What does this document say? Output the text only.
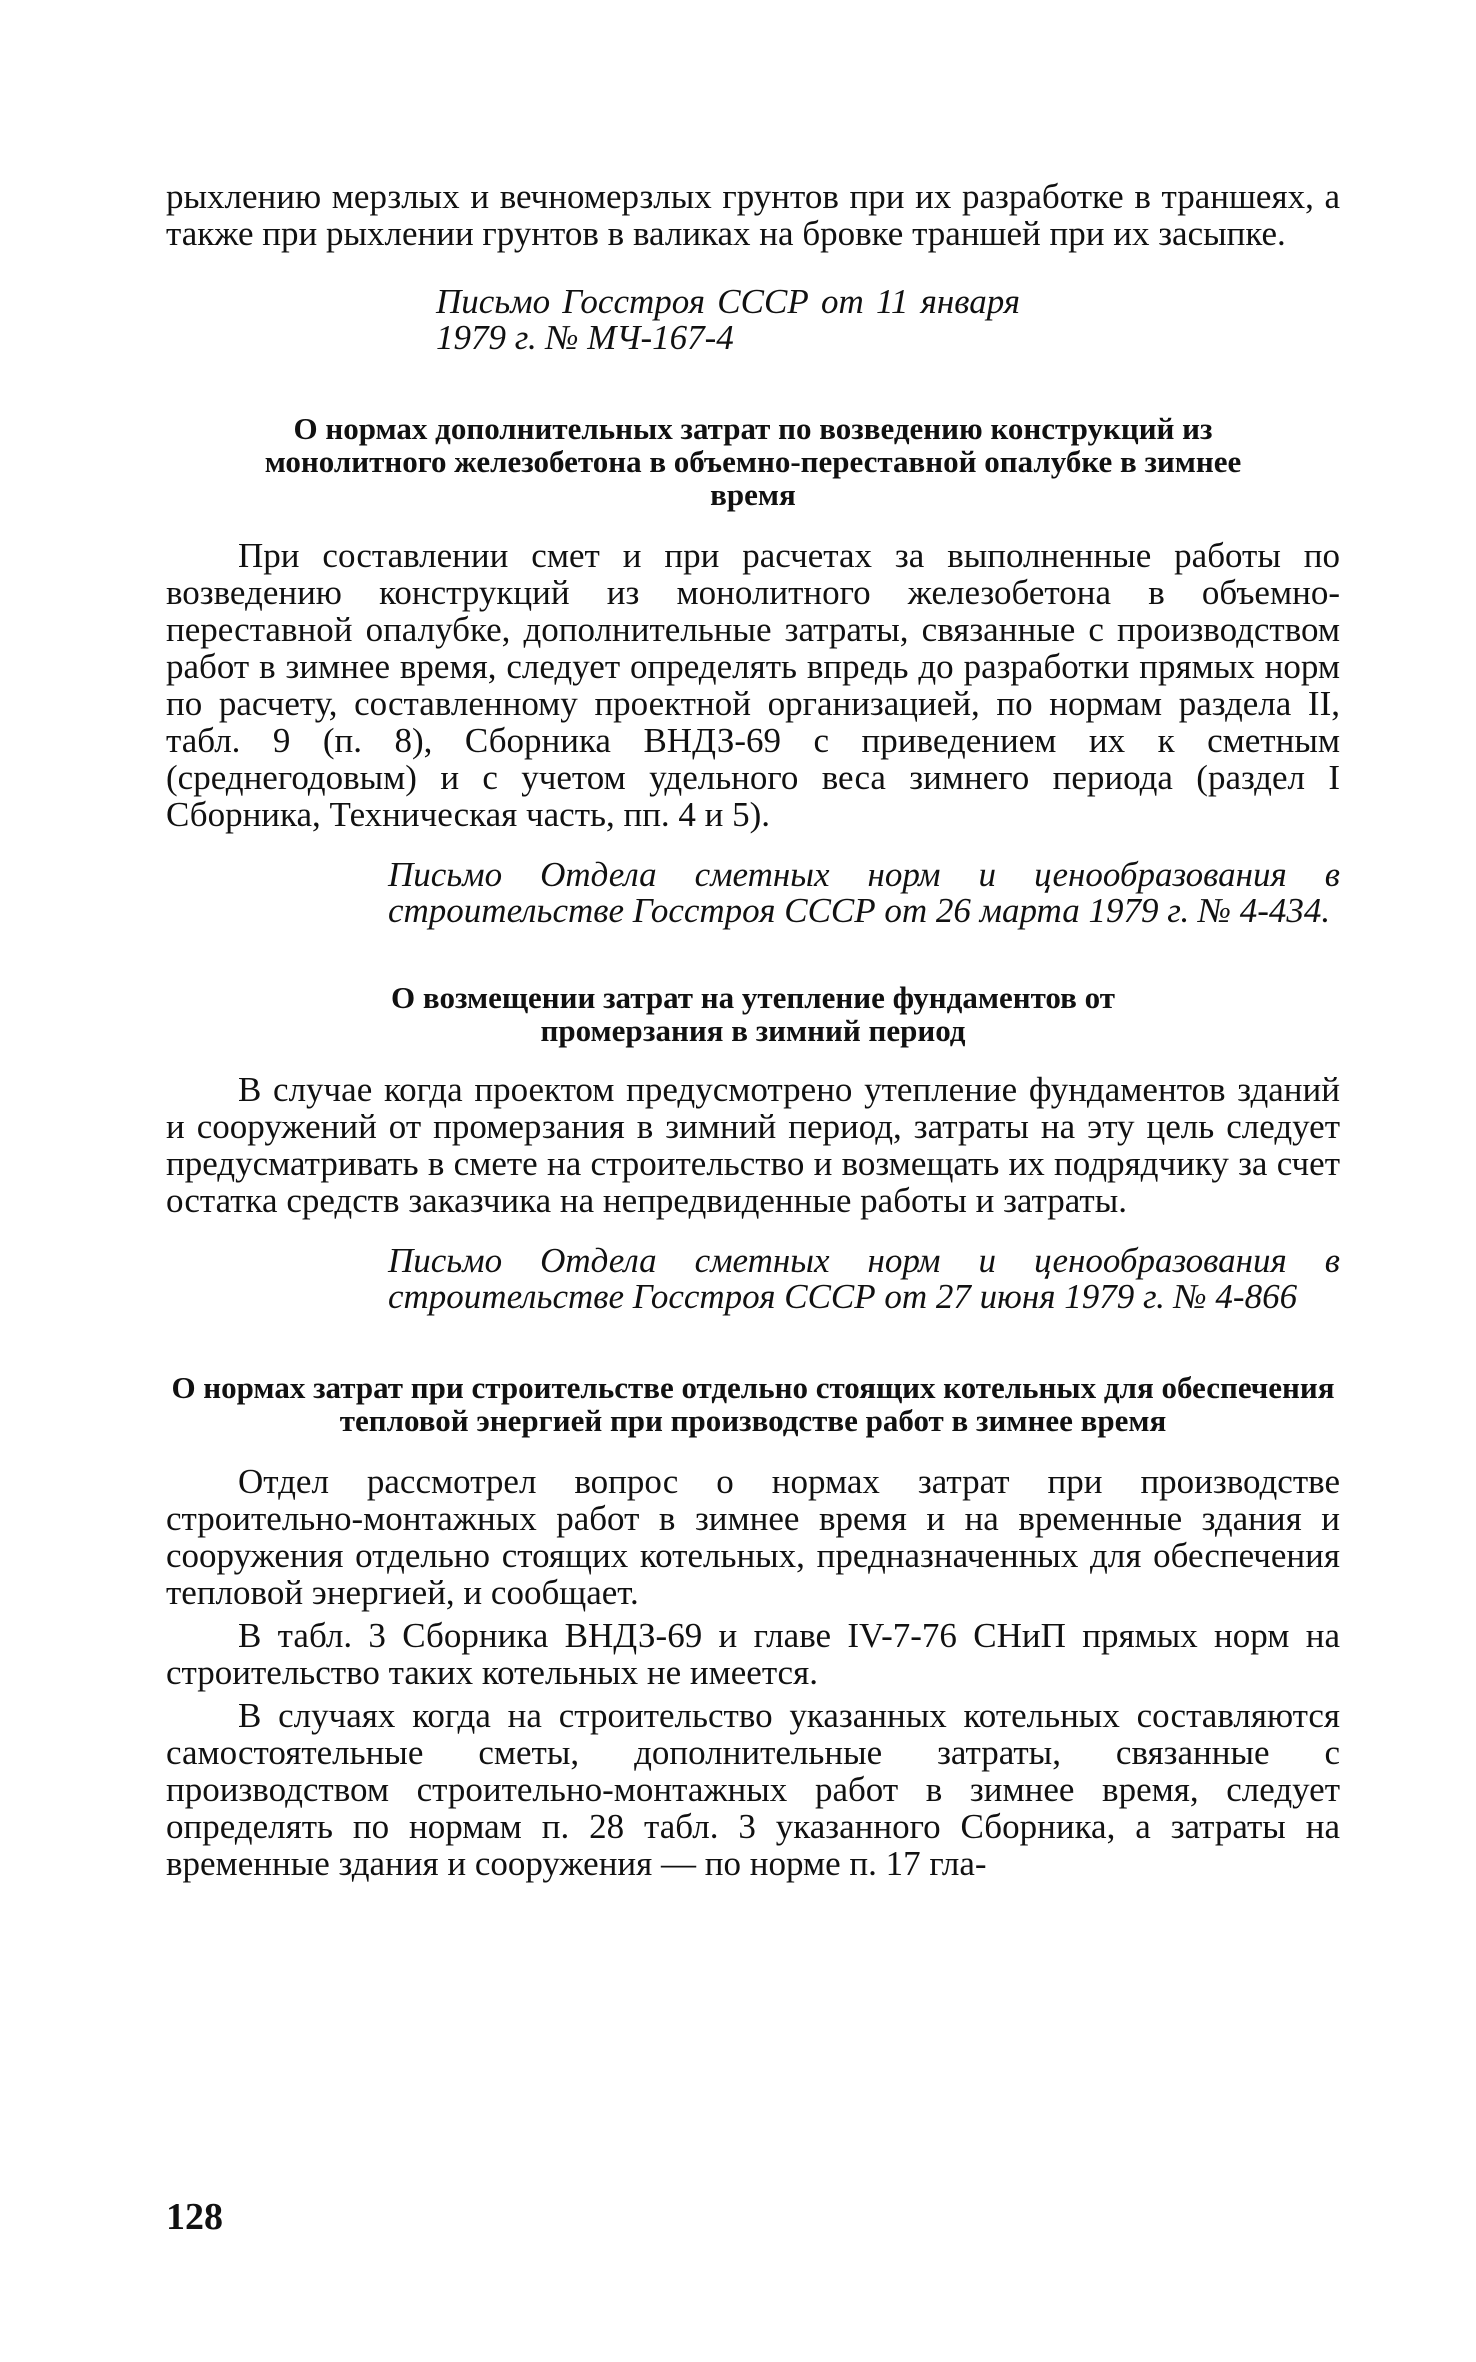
рыхлению мерзлых и вечномерзлых грунтов при их разработке в траншеях, а также при рыхлении грунтов в валиках на бровке траншей при их засыпке.

Письмо Госстроя СССР от 11 января 1979 г. № МЧ-167-4

О нормах дополнительных затрат по возведению конструкций из монолитного железобетона в объемно-переставной опалубке в зимнее время

При составлении смет и при расчетах за выполненные работы по возведению конструкций из монолитного железобетона в объемно-переставной опалубке, дополнительные затраты, связанные с производством работ в зимнее время, следует определять впредь до разработки прямых норм по расчету, составленному проектной организацией, по нормам раздела II, табл. 9 (п. 8), Сборника ВНДЗ-69 с приведением их к сметным (среднегодовым) и с учетом удельного веса зимнего периода (раздел I Сборника, Техническая часть, пп. 4 и 5).

Письмо Отдела сметных норм и ценообразования в строительстве Госстроя СССР от 26 марта 1979 г. № 4-434.

О возмещении затрат на утепление фундаментов от промерзания в зимний период

В случае когда проектом предусмотрено утепление фундаментов зданий и сооружений от промерзания в зимний период, затраты на эту цель следует предусматривать в смете на строительство и возмещать их подрядчику за счет остатка средств заказчика на непредвиденные работы и затраты.

Письмо Отдела сметных норм и ценообразования в строительстве Госстроя СССР от 27 июня 1979 г. № 4-866

О нормах затрат при строительстве отдельно стоящих котельных для обеспечения тепловой энергией при производстве работ в зимнее время

Отдел рассмотрел вопрос о нормах затрат при производстве строительно-монтажных работ в зимнее время и на временные здания и сооружения отдельно стоящих котельных, предназначенных для обеспечения тепловой энергией, и сообщает.

В табл. 3 Сборника ВНДЗ-69 и главе IV-7-76 СНиП прямых норм на строительство таких котельных не имеется.

В случаях когда на строительство указанных котельных составляются самостоятельные сметы, дополнительные затраты, связанные с производством строительно-монтажных работ в зимнее время, следует определять по нормам п. 28 табл. 3 указанного Сборника, а затраты на временные здания и сооружения — по норме п. 17 гла-

128
